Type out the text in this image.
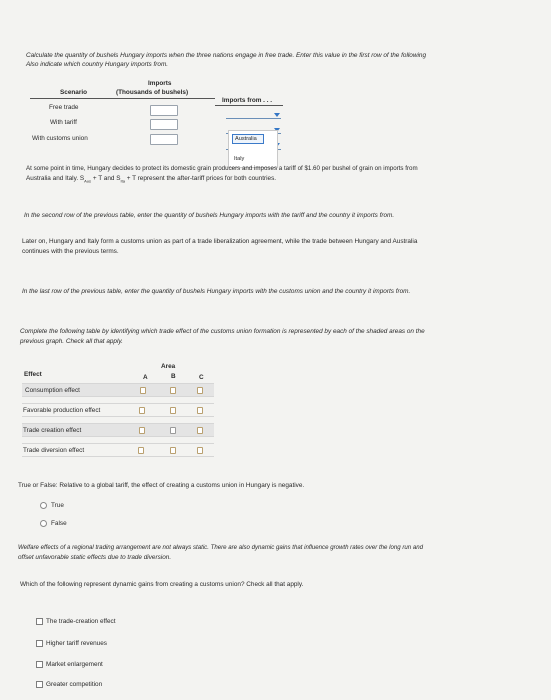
Calculate the quantity of bushels Hungary imports when the three nations engage in free trade. Enter this value in the first row of the following
Also indicate which country Hungary imports from.
Imports
Scenario	(Thousands of bushels)
Imports from . . .
Free trade
With tariff
With customs union	Australia
Italy
At some point in time, Hungary decides to protect its domestic grain producers and imposes a tariff of $1.60 per bushel of grain on imports from
Australia and Italy. $S_{Aus} + T$ and $S_{Ita} + T$ represent the after-tariff prices for both countries.
In the second row of the previous table, enter the quantity of bushels Hungary imports with the tariff and the country it imports from.
Later on, Hungary and Italy form a customs union as part of a trade liberalization agreement, while the trade between Hungary and Australia
continues with the previous terms.
In the last row of the previous table, enter the quantity of bushels Hungary imports with the customs union and the country it imports from.
Complete the following table by identifying which trade effect of the customs union formation is represented by each of the shaded areas on the
previous graph. Check all that apply.
Area
Effect	A	B	C
Consumption effect
Favorable production effect
Trade creation effect
Trade diversion effect
True or False: Relative to a global tariff, the effect of creating a customs union in Hungary is negative.
True
False
Welfare effects of a regional trading arrangement are not always static. There are also dynamic gains that influence growth rates over the long run and
offset unfavorable static effects due to trade diversion.
Which of the following represent dynamic gains from creating a customs union? Check all that apply.
The trade-creation effect
Higher tariff revenues
Market enlargement
Greater competition
